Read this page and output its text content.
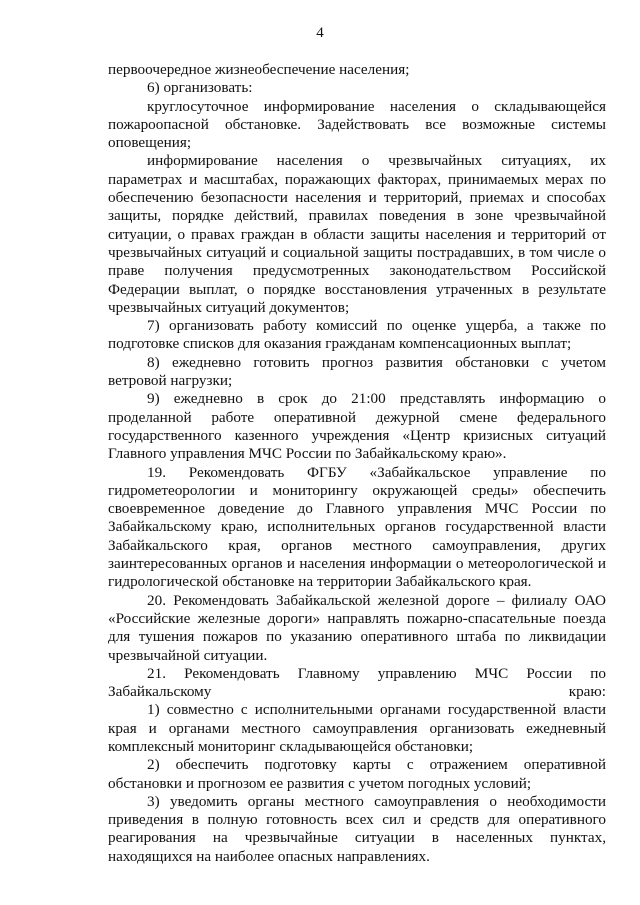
4

первоочередное жизнеобеспечение населения;

6) организовать:

круглосуточное информирование населения о складывающейся пожароопасной обстановке. Задействовать все возможные системы оповещения;

информирование населения о чрезвычайных ситуациях, их параметрах и масштабах, поражающих факторах, принимаемых мерах по обеспечению безопасности населения и территорий, приемах и способах защиты, порядке действий, правилах поведения в зоне чрезвычайной ситуации, о правах граждан в области защиты населения и территорий от чрезвычайных ситуаций и социальной защиты пострадавших, в том числе о праве получения предусмотренных законодательством Российской Федерации выплат, о порядке восстановления утраченных в результате чрезвычайных ситуаций документов;

7) организовать работу комиссий по оценке ущерба, а также по подготовке списков для оказания гражданам компенсационных выплат;

8) ежедневно готовить прогноз развития обстановки с учетом ветровой нагрузки;

9) ежедневно в срок до 21:00 представлять информацию о проделанной работе оперативной дежурной смене федерального государственного казенного учреждения «Центр кризисных ситуаций Главного управления МЧС России по Забайкальскому краю».

19. Рекомендовать ФГБУ «Забайкальское управление по гидрометеорологии и мониторингу окружающей среды» обеспечить своевременное доведение до Главного управления МЧС России по Забайкальскому краю, исполнительных органов государственной власти Забайкальского края, органов местного самоуправления, других заинтересованных органов и населения информации о метеорологической и гидрологической обстановке на территории Забайкальского края.

20. Рекомендовать Забайкальской железной дороге – филиалу ОАО «Российские железные дороги» направлять пожарно-спасательные поезда для тушения пожаров по указанию оперативного штаба по ликвидации чрезвычайной ситуации.

21. Рекомендовать Главному управлению МЧС России по Забайкальскому краю:

1) совместно с исполнительными органами государственной власти края и органами местного самоуправления организовать ежедневный комплексный мониторинг складывающейся обстановки;

2) обеспечить подготовку карты с отражением оперативной обстановки и прогнозом ее развития с учетом погодных условий;

3) уведомить органы местного самоуправления о необходимости приведения в полную готовность всех сил и средств для оперативного реагирования на чрезвычайные ситуации в населенных пунктах, находящихся на наиболее опасных направлениях.
